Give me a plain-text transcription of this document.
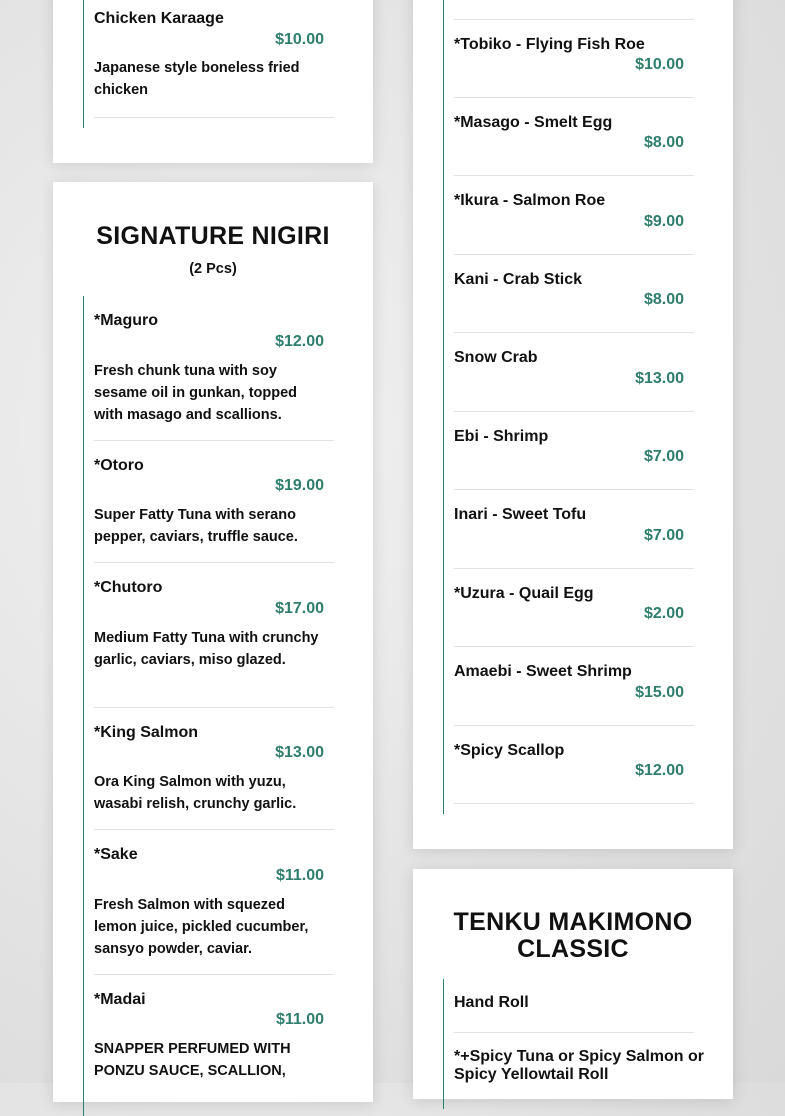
Chicken Karaage
$10.00
Japanese style boneless fried chicken
SIGNATURE NIGIRI
(2 Pcs)
*Maguro
$12.00
Fresh chunk tuna with soy sesame oil in gunkan, topped with masago and scallions.
*Otoro
$19.00
Super Fatty Tuna with serano pepper, caviars, truffle sauce.
*Chutoro
$17.00
Medium Fatty Tuna with crunchy garlic, caviars, miso glazed.
*King Salmon
$13.00
Ora King Salmon with yuzu, wasabi relish, crunchy garlic.
*Sake
$11.00
Fresh Salmon with squezed lemon juice, pickled cucumber, sansyo powder, caviar.
*Madai
$11.00
SNAPPER PERFUMED WITH PONZU SAUCE, SCALLION,
*Tobiko - Flying Fish Roe
$10.00
*Masago - Smelt Egg
$8.00
*Ikura - Salmon Roe
$9.00
Kani - Crab Stick
$8.00
Snow Crab
$13.00
Ebi - Shrimp
$7.00
Inari - Sweet Tofu
$7.00
*Uzura - Quail Egg
$2.00
Amaebi - Sweet Shrimp
$15.00
*Spicy Scallop
$12.00
TENKU MAKIMONO
CLASSIC
Hand Roll
*+Spicy Tuna or Spicy Salmon or
Spicy Yellowtail Roll
